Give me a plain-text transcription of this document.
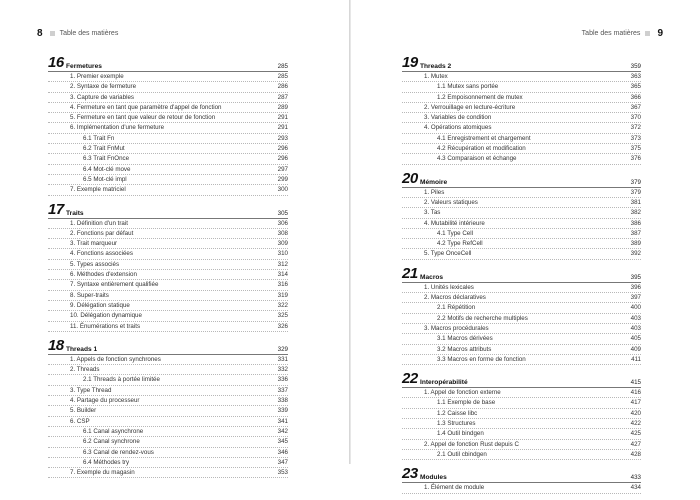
8 Table des matières
16 Fermetures	285
1. Premier exemple	285
2. Syntaxe de fermeture	286
3. Capture de variables	287
4. Fermeture en tant que paramètre d'appel de fonction	289
5. Fermeture en tant que valeur de retour de fonction	291
6. Implémentation d'une fermeture	291
6.1 Trait Fn	293
6.2 Trait FnMut	296
6.3 Trait FnOnce	296
6.4 Mot-clé move	297
6.5 Mot-clé impl	299
7. Exemple matriciel	300
17 Traits	305
1. Définition d'un trait	306
2. Fonctions par défaut	308
3. Trait marqueur	309
4. Fonctions associées	310
5. Types associés	312
6. Méthodes d'extension	314
7. Syntaxe entièrement qualifiée	316
8. Super-traits	319
9. Délégation statique	322
10. Délégation dynamique	325
11. Énumérations et traits	326
18 Threads 1	329
1. Appels de fonction synchrones	331
2. Threads	332
2.1 Threads à portée limitée	336
3. Type Thread	337
4. Partage du processeur	338
5. Builder	339
6. CSP	341
6.1 Canal asynchrone	342
6.2 Canal synchrone	345
6.3 Canal de rendez-vous	346
6.4 Méthodes try	347
7. Exemple du magasin	353
Table des matières 9
19 Threads 2	359
1. Mutex	363
1.1 Mutex sans portée	365
1.2 Empoisonnement de mutex	366
2. Verrouillage en lecture-écriture	367
3. Variables de condition	370
4. Opérations atomiques	372
4.1 Enregistrement et chargement	373
4.2 Récupération et modification	375
4.3 Comparaison et échange	376
20 Mémoire	379
1. Piles	379
2. Valeurs statiques	381
3. Tas	382
4. Mutabilité intérieure	386
4.1 Type Cell	387
4.2 Type RefCell	389
5. Type OnceCell	392
21 Macros	395
1. Unités lexicales	396
2. Macros déclaratives	397
2.1 Répétition	400
2.2 Motifs de recherche multiples	403
3. Macros procédurales	403
3.1 Macros dérivées	405
3.2 Macros attributs	409
3.3 Macros en forme de fonction	411
22 Interopérabilité	415
1. Appel de fonction externe	416
1.1 Exemple de base	417
1.2 Caisse libc	420
1.3 Structures	422
1.4 Outil bindgen	425
2. Appel de fonction Rust depuis C	427
2.1 Outil cbindgen	428
23 Modules	433
1. Élément de module	434
